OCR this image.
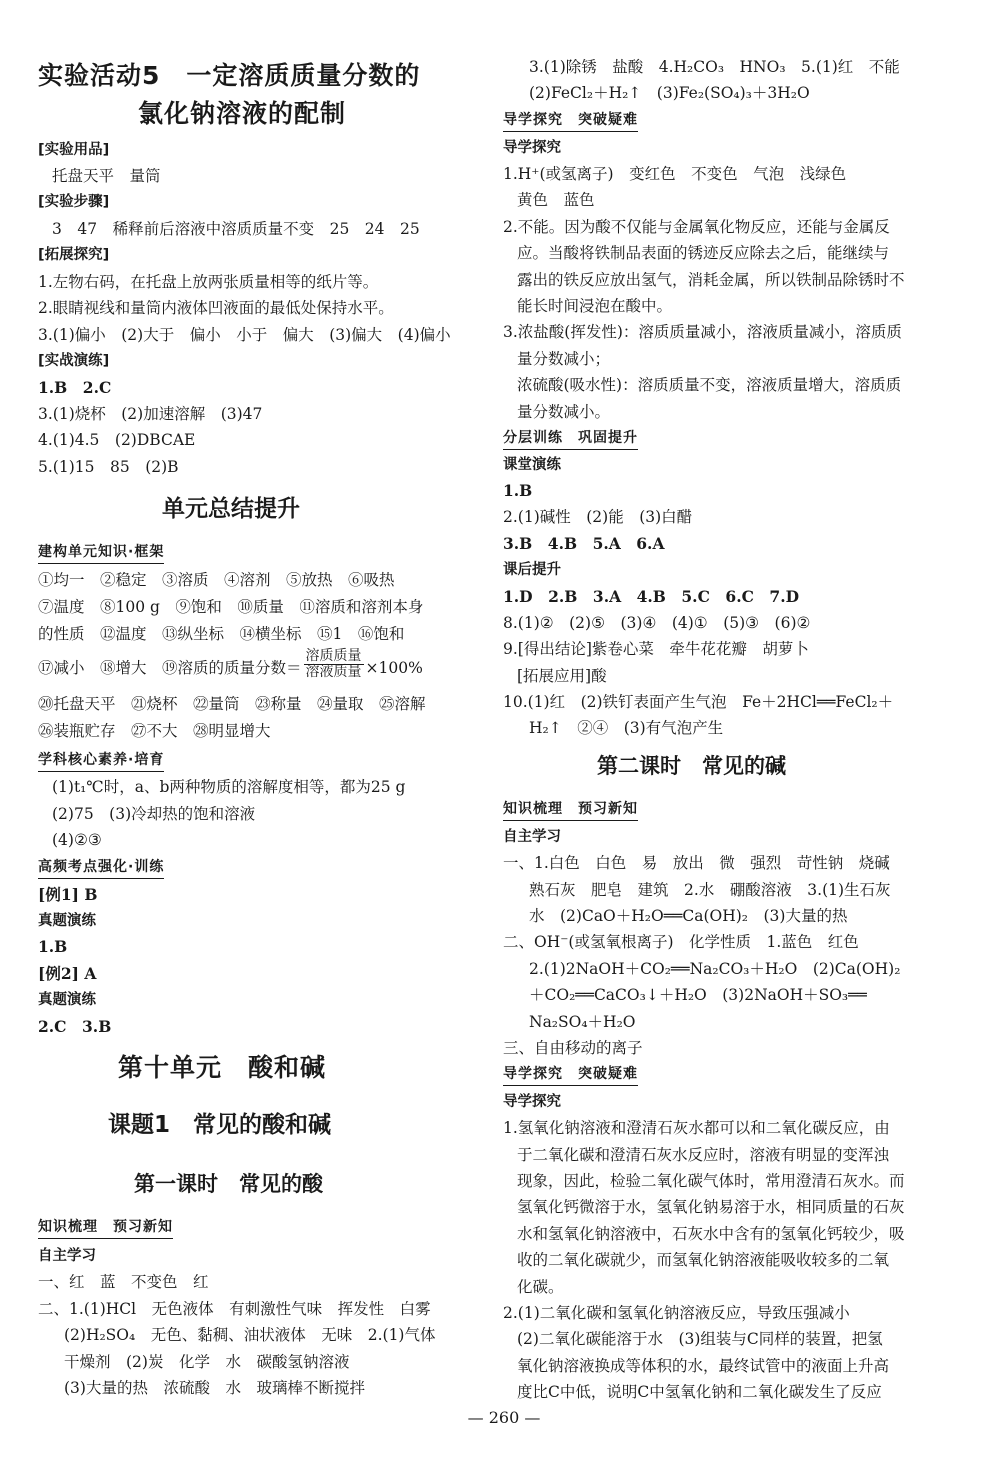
实验活动5　一定溶质质量分数的
氯化钠溶液的配制
[实验用品]
托盘天平　量筒
[实验步骤]
3　47　稀释前后溶液中溶质质量不变　25　24　25
[拓展探究]
1.左物右码，在托盘上放两张质量相等的纸片等。
2.眼睛视线和量筒内液体凹液面的最低处保持水平。
3.(1)偏小　(2)大于　偏小　小于　偏大　(3)偏大　(4)偏小
[实战演练]
1.B　2.C
3.(1)烧杯　(2)加速溶解　(3)47
4.(1)4.5　(2)DBCAE
5.(1)15　85　(2)B
单元总结提升
建构单元知识·框架
①均一　②稳定　③溶质　④溶剂　⑤放热　⑥吸热
⑦温度　⑧100 g　⑨饱和　⑩质量　⑪溶质和溶剂本身
的性质　⑫温度　⑬纵坐标　⑭横坐标　⑮1　⑯饱和
⑰减小　⑱增大　⑲溶质的质量分数＝
溶质质量
溶液质量 ×100%
⑳托盘天平　㉑烧杯　㉒量筒　㉓称量　㉔量取　㉕溶解
㉖装瓶贮存　㉗不大　㉘明显增大
学科核心素养·培育
(1)t₁℃时，a、b两种物质的溶解度相等，都为25 g
(2)75　(3)冷却热的饱和溶液
(4)②③
高频考点强化·训练
[例1] B
真题演练
1.B
[例2] A
真题演练
2.C　3.B
第十单元　酸和碱
课题1　常见的酸和碱
第一课时　常见的酸
知识梳理　预习新知
自主学习
一、红　蓝　不变色　红
二、1.(1)HCl　无色液体　有刺激性气味　挥发性　白雾
(2)H₂SO₄　无色、黏稠、油状液体　无味　2.(1)气体
干燥剂　(2)炭　化学　水　碳酸氢钠溶液
(3)大量的热　浓硫酸　水　玻璃棒不断搅拌
3.(1)除锈　盐酸　4.H₂CO₃　HNO₃　5.(1)红　不能
(2)FeCl₂＋H₂↑　(3)Fe₂(SO₄)₃＋3H₂O
导学探究　突破疑难
导学探究
1.H⁺(或氢离子)　变红色　不变色　气泡　浅绿色
黄色　蓝色
2.不能。因为酸不仅能与金属氧化物反应，还能与金属反
应。当酸将铁制品表面的锈迹反应除去之后，能继续与
露出的铁反应放出氢气，消耗金属，所以铁制品除锈时不
能长时间浸泡在酸中。
3.浓盐酸(挥发性)：溶质质量减小，溶液质量减小，溶质质
量分数减小；
浓硫酸(吸水性)：溶质质量不变，溶液质量增大，溶质质
量分数减小。
分层训练　巩固提升
课堂演练
1.B
2.(1)碱性　(2)能　(3)白醋
3.B　4.B　5.A　6.A
课后提升
1.D　2.B　3.A　4.B　5.C　6.C　7.D
8.(1)②　(2)⑤　(3)④　(4)①　(5)③　(6)②
9.[得出结论]紫卷心菜　牵牛花花瓣　胡萝卜
[拓展应用]酸
10.(1)红　(2)铁钉表面产生气泡　Fe＋2HCl══FeCl₂＋
H₂↑　②④　(3)有气泡产生
第二课时　常见的碱
知识梳理　预习新知
自主学习
一、1.白色　白色　易　放出　微　强烈　苛性钠　烧碱
熟石灰　肥皂　建筑　2.水　硼酸溶液　3.(1)生石灰
水　(2)CaO＋H₂O══Ca(OH)₂　(3)大量的热
二、OH⁻(或氢氧根离子)　化学性质　1.蓝色　红色
2.(1)2NaOH＋CO₂══Na₂CO₃＋H₂O　(2)Ca(OH)₂
＋CO₂══CaCO₃↓＋H₂O　(3)2NaOH＋SO₃══
Na₂SO₄＋H₂O
三、自由移动的离子
导学探究　突破疑难
导学探究
1.氢氧化钠溶液和澄清石灰水都可以和二氧化碳反应，由
于二氧化碳和澄清石灰水反应时，溶液有明显的变浑浊
现象，因此，检验二氧化碳气体时，常用澄清石灰水。而
氢氧化钙微溶于水，氢氧化钠易溶于水，相同质量的石灰
水和氢氧化钠溶液中，石灰水中含有的氢氧化钙较少，吸
收的二氧化碳就少，而氢氧化钠溶液能吸收较多的二氧
化碳。
2.(1)二氧化碳和氢氧化钠溶液反应，导致压强减小
(2)二氧化碳能溶于水　(3)组装与C同样的装置，把氢
氧化钠溶液换成等体积的水，最终试管中的液面上升高
度比C中低，说明C中氢氧化钠和二氧化碳发生了反应
— 260 —
